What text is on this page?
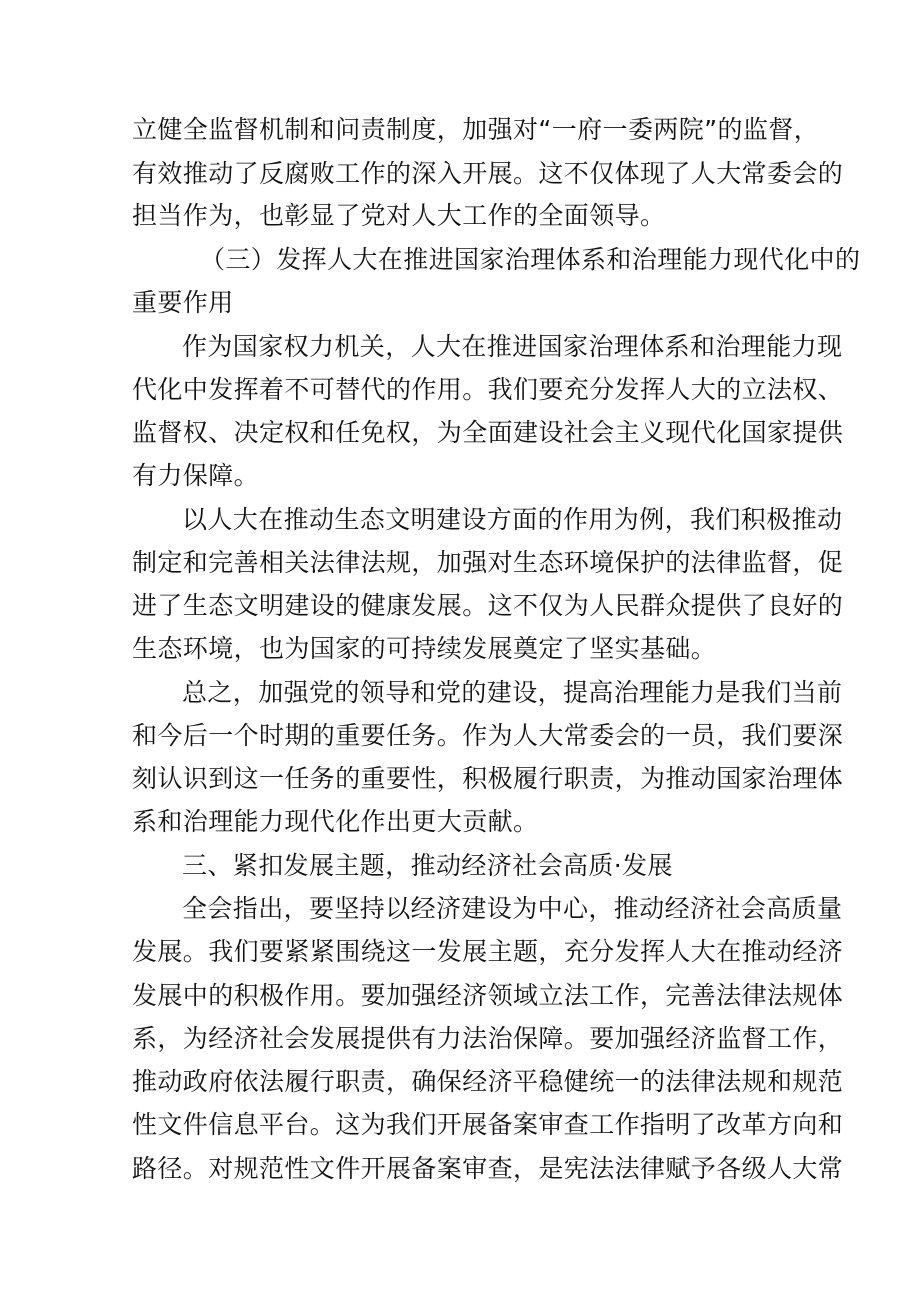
立健全监督机制和问责制度，加强对“一府一委两院”的监督，

有效推动了反腐败工作的深入开展。这不仅体现了人大常委会的

担当作为，也彰显了党对人大工作的全面领导。

（三）发挥人大在推进国家治理体系和治理能力现代化中的

重要作用

作为国家权力机关，人大在推进国家治理体系和治理能力现

代化中发挥着不可替代的作用。我们要充分发挥人大的立法权、

监督权、决定权和任免权，为全面建设社会主义现代化国家提供

有力保障。

以人大在推动生态文明建设方面的作用为例，我们积极推动

制定和完善相关法律法规，加强对生态环境保护的法律监督，促

进了生态文明建设的健康发展。这不仅为人民群众提供了良好的

生态环境，也为国家的可持续发展奠定了坚实基础。

总之，加强党的领导和党的建设，提高治理能力是我们当前

和今后一个时期的重要任务。作为人大常委会的一员，我们要深

刻认识到这一任务的重要性，积极履行职责，为推动国家治理体

系和治理能力现代化作出更大贡献。

三、紧扣发展主题，推动经济社会高质·发展

全会指出，要坚持以经济建设为中心，推动经济社会高质量

发展。我们要紧紧围绕这一发展主题，充分发挥人大在推动经济

发展中的积极作用。要加强经济领域立法工作，完善法律法规体

系，为经济社会发展提供有力法治保障。要加强经济监督工作，

推动政府依法履行职责，确保经济平稳健统一的法律法规和规范

性文件信息平台。这为我们开展备案审查工作指明了改革方向和

路径。对规范性文件开展备案审查，是宪法法律赋予各级人大常
